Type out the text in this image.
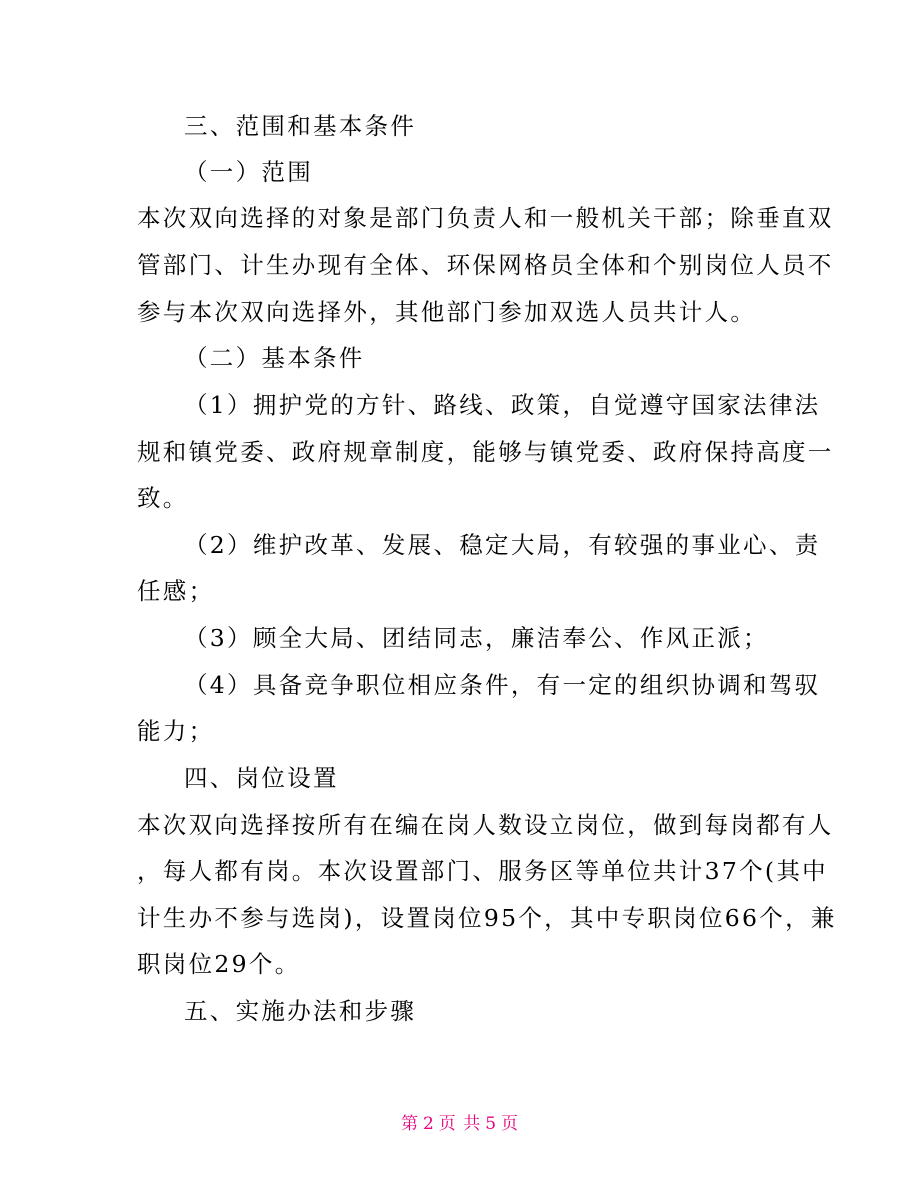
三、范围和基本条件
（一）范围
本次双向选择的对象是部门负责人和一般机关干部；除垂直双
管部门、计生办现有全体、环保网格员全体和个别岗位人员不
参与本次双向选择外，其他部门参加双选人员共计人。
（二）基本条件
（1）拥护党的方针、路线、政策，自觉遵守国家法律法
规和镇党委、政府规章制度，能够与镇党委、政府保持高度一
致。
（2）维护改革、发展、稳定大局，有较强的事业心、责
任感；
（3）顾全大局、团结同志，廉洁奉公、作风正派；
（4）具备竞争职位相应条件，有一定的组织协调和驾驭
能力；
四、岗位设置
本次双向选择按所有在编在岗人数设立岗位，做到每岗都有人
，每人都有岗。本次设置部门、服务区等单位共计37个(其中
计生办不参与选岗)，设置岗位95个，其中专职岗位66个，兼
职岗位29个。
五、实施办法和步骤
第 2 页 共 5 页
